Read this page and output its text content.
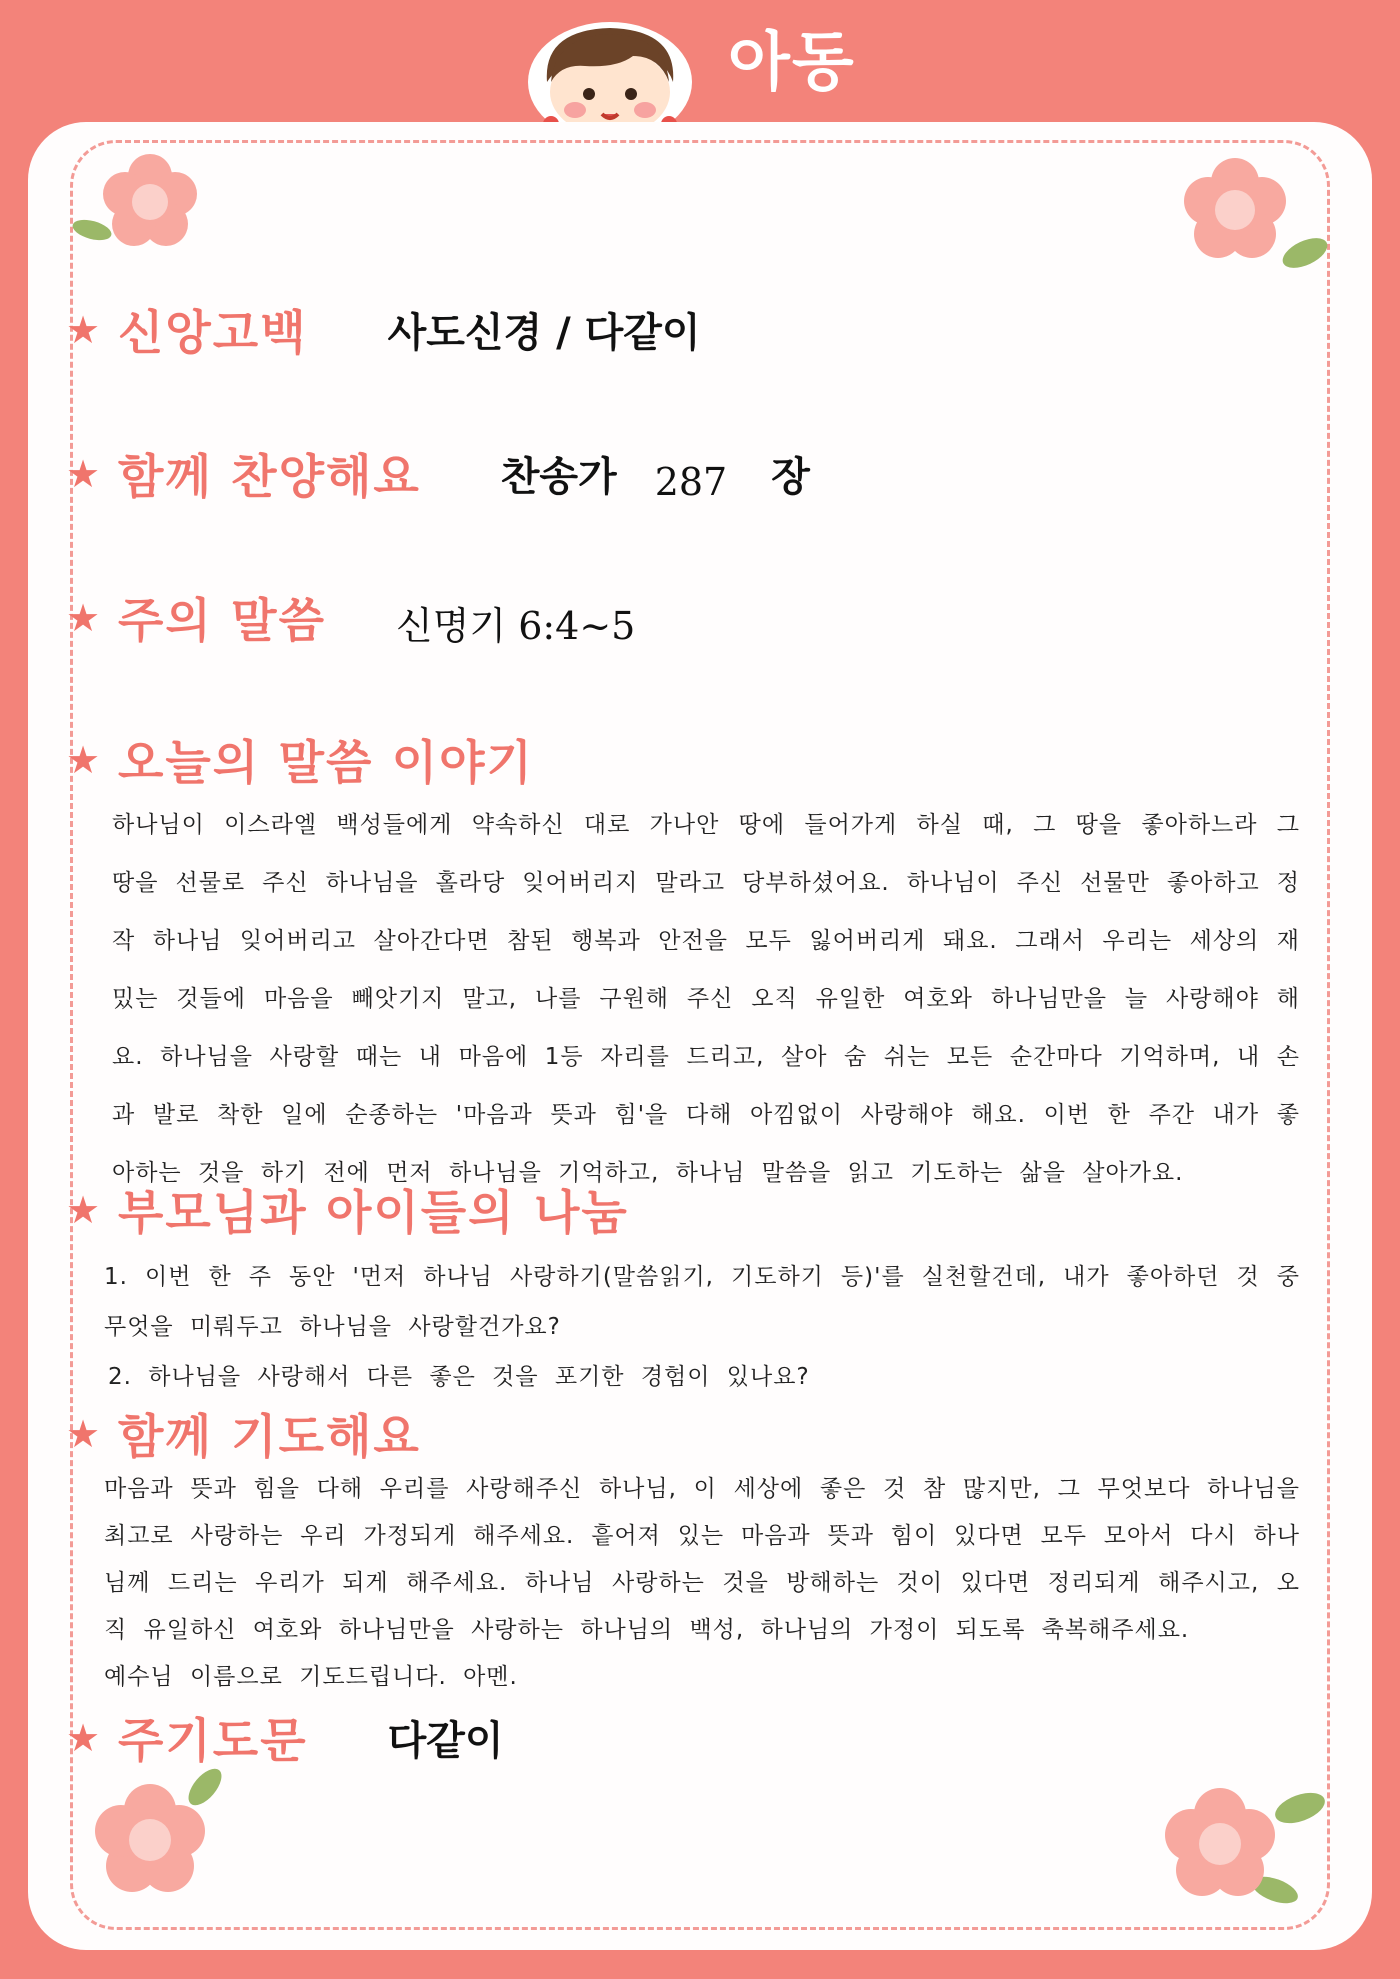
아동
★ 신앙고백 사도신경 / 다같이
★ 함께 찬양해요 찬송가 287 장
★ 주의 말씀 신명기 6:4~5
★ 오늘의 말씀 이야기

하나님이 이스라엘 백성들에게 약속하신 대로 가나안 땅에 들어가게 하실 때, 그 땅을 좋아하느라 그 땅을 선물로 주신 하나님을 홀라당 잊어버리지 말라고 당부하셨어요. 하나님이 주신 선물만 좋아하고 정작 하나님 잊어버리고 살아간다면 참된 행복과 안전을 모두 잃어버리게 돼요. 그래서 우리는 세상의 재밌는 것들에 마음을 빼앗기지 말고, 나를 구원해 주신 오직 유일한 여호와 하나님만을 늘 사랑해야 해요. 하나님을 사랑할 때는 내 마음에 1등 자리를 드리고, 살아 숨 쉬는 모든 순간마다 기억하며, 내 손과 발로 착한 일에 순종하는 '마음과 뜻과 힘'을 다해 아낌없이 사랑해야 해요. 이번 한 주간 내가 좋아하는 것을 하기 전에 먼저 하나님을 기억하고, 하나님 말씀을 읽고 기도하는 삶을 살아가요.

★ 부모님과 아이들의 나눔

1. 이번 한 주 동안 '먼저 하나님 사랑하기(말씀읽기, 기도하기 등)'를 실천할건데, 내가 좋아하던 것 중 무엇을 미뤄두고 하나님을 사랑할건가요?

2. 하나님을 사랑해서 다른 좋은 것을 포기한 경험이 있나요?

★ 함께 기도해요

마음과 뜻과 힘을 다해 우리를 사랑해주신 하나님, 이 세상에 좋은 것 참 많지만, 그 무엇보다 하나님을 최고로 사랑하는 우리 가정되게 해주세요. 흩어져 있는 마음과 뜻과 힘이 있다면 모두 모아서 다시 하나님께 드리는 우리가 되게 해주세요. 하나님 사랑하는 것을 방해하는 것이 있다면 정리되게 해주시고, 오직 유일하신 여호와 하나님만을 사랑하는 하나님의 백성, 하나님의 가정이 되도록 축복해주세요.

예수님 이름으로 기도드립니다. 아멘.

★ 주기도문 다같이
